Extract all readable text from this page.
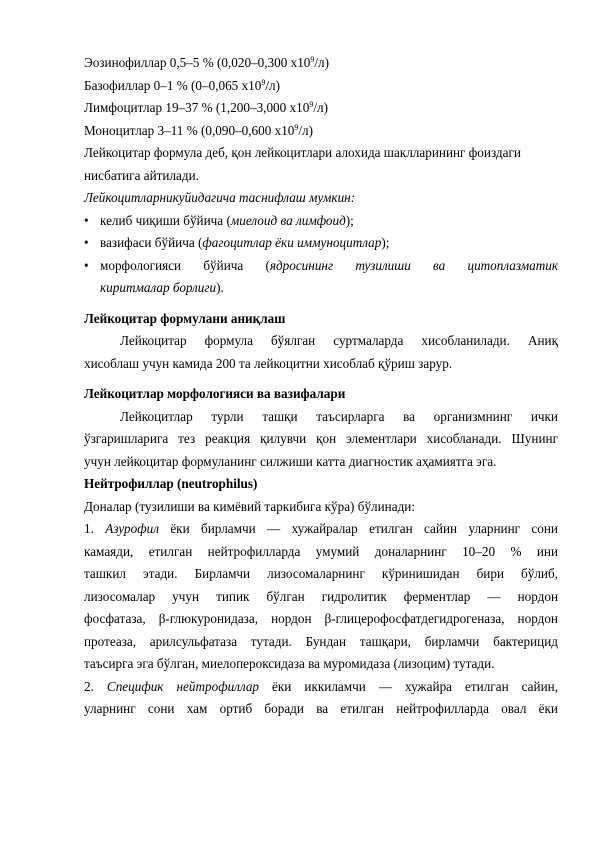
Эозинофиллар 0,5–5 % (0,020–0,300 $х10^9/л$)
Базофиллар 0–1 % (0–0,065 $х10^9/л$)
Лимфоцитлар 19–37 % (1,200–3,000 $х10^9/л$)
Моноцитлар 3–11 % (0,090–0,600 $х10^9/л$)
Лейкоцитар формула деб, қон лейкоцитлари алохида шаклларининг фоиздаги
нисбатига айтилади.
Лейкоцитларникуйидагича таснифлаш мумкин:
• келиб чиқиши бўйича (миелоид ва лимфоид);
• вазифаси бўйича (фагоцитлар ёки иммуноцитлар);
• морфологияси бўйича (ядросининг тузилиши ва цитоплазматик
киритмалар борлиги).
Лейкоцитар формулани аниқлаш
Лейкоцитар формула бўялган суртмаларда хисобланилади. Аниқ
хисоблаш учун камида 200 та лейкоцитни хисоблаб қўриш зарур.
Лейкоцитлар морфологияси ва вазифалари
Лейкоцитлар турли ташқи таъсирларга ва организмнинг ички
ўзгаришларига тез реакция қилувчи қон элементлари хисобланади. Шунинг
учун лейкоцитар формуланинг силжиши катта диагностик аҳамиятга эга.
Нейтрофиллар (neutrophilus)
Доналар (тузилиши ва кимёвий таркибига кўра) бўлинади:
1. Азурофил ёки бирламчи — хужайралар етилган сайин уларнинг сони
камаяди, етилган нейтрофилларда умумий доналарнинг 10–20 % ини
ташкил этади. Бирламчи лизосомаларнинг кўринишидан бири бўлиб,
лизосомалар учун типик бўлган гидролитик ферментлар — нордон
фосфатаза, β-глюкуронидаза, нордон β-глицерофосфатдегидрогеназа, нордон
протеаза, арилсульфатаза тутади. Бундан ташқари, бирламчи бактерицид
таъсирга эга бўлган, миелопероксидаза ва муромидаза (лизоцим) тутади.
2. Специфик нейтрофиллар ёки иккиламчи — хужайра етилган сайин,
уларнинг сони хам ортиб боради ва етилган нейтрофилларда овал ёки
